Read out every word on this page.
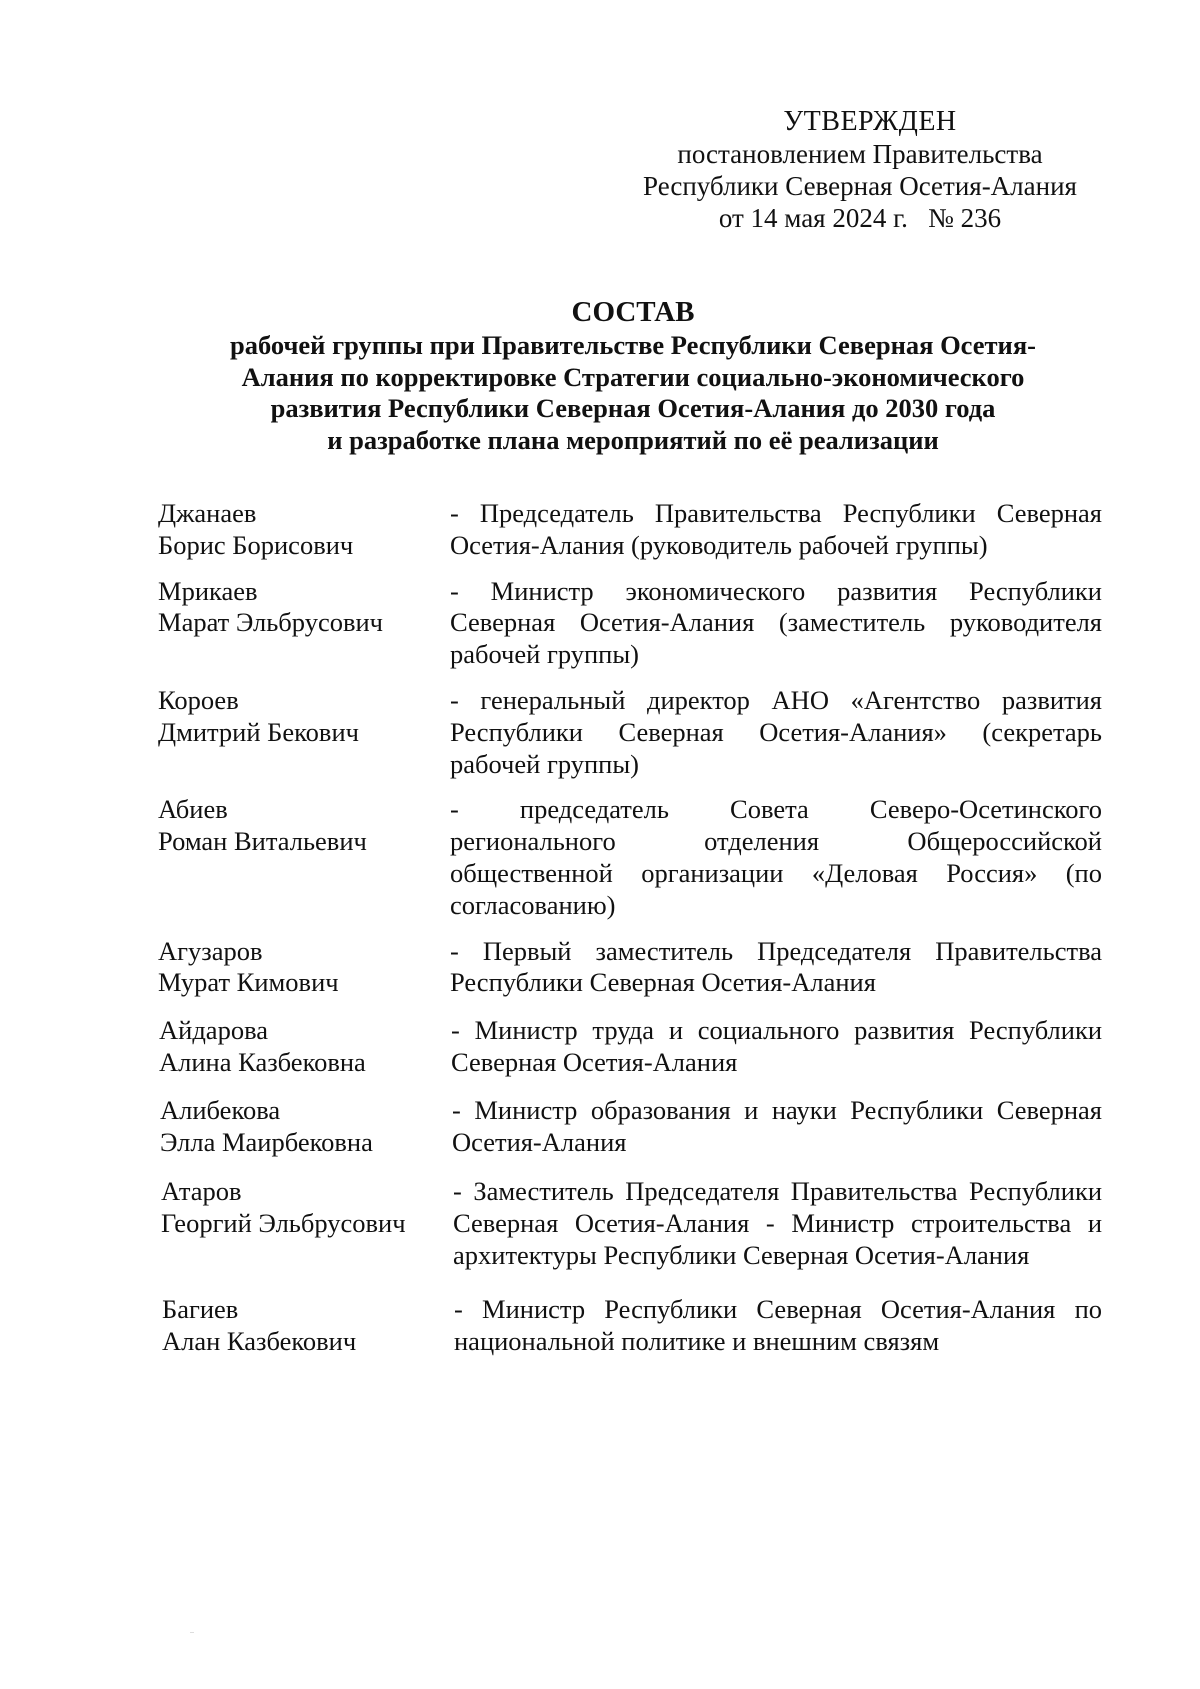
УТВЕРЖДЕН
постановлением Правительства
Республики Северная Осетия-Алания
от 14 мая 2024 г.   № 236
СОСТАВ
рабочей группы при Правительстве Республики Северная Осетия-
Алания по корректировке Стратегии социально-экономического
развития Республики Северная Осетия-Алания до 2030 года
и разработке плана мероприятий по её реализации
Джанаев
Борис Борисович
- Председатель Правительства Республики Северная Осетия-Алания (руководитель рабочей группы)
Мрикаев
Марат Эльбрусович
- Министр экономического развития Республики Северная Осетия-Алания (заместитель руководителя рабочей группы)
Короев
Дмитрий Бекович
- генеральный директор АНО «Агентство развития Республики Северная Осетия-Алания» (секретарь рабочей группы)
Абиев
Роман Витальевич
- председатель Совета Северо-Осетинского регионального отделения Общероссийской общественной организации «Деловая Россия» (по согласованию)
Агузаров
Мурат Кимович
- Первый заместитель Председателя Правительства Республики Северная Осетия-Алания
Айдарова
Алина Казбековна
- Министр труда и социального развития Республики Северная Осетия-Алания
Алибекова
Элла Маирбековна
- Министр образования и науки Республики Северная Осетия-Алания
Атаров
Георгий Эльбрусович
- Заместитель Председателя Правительства Республики Северная Осетия-Алания - Министр строительства и архитектуры Республики Северная Осетия-Алания
Багиев
Алан Казбекович
- Министр Республики Северная Осетия-Алания по национальной политике и внешним связям
